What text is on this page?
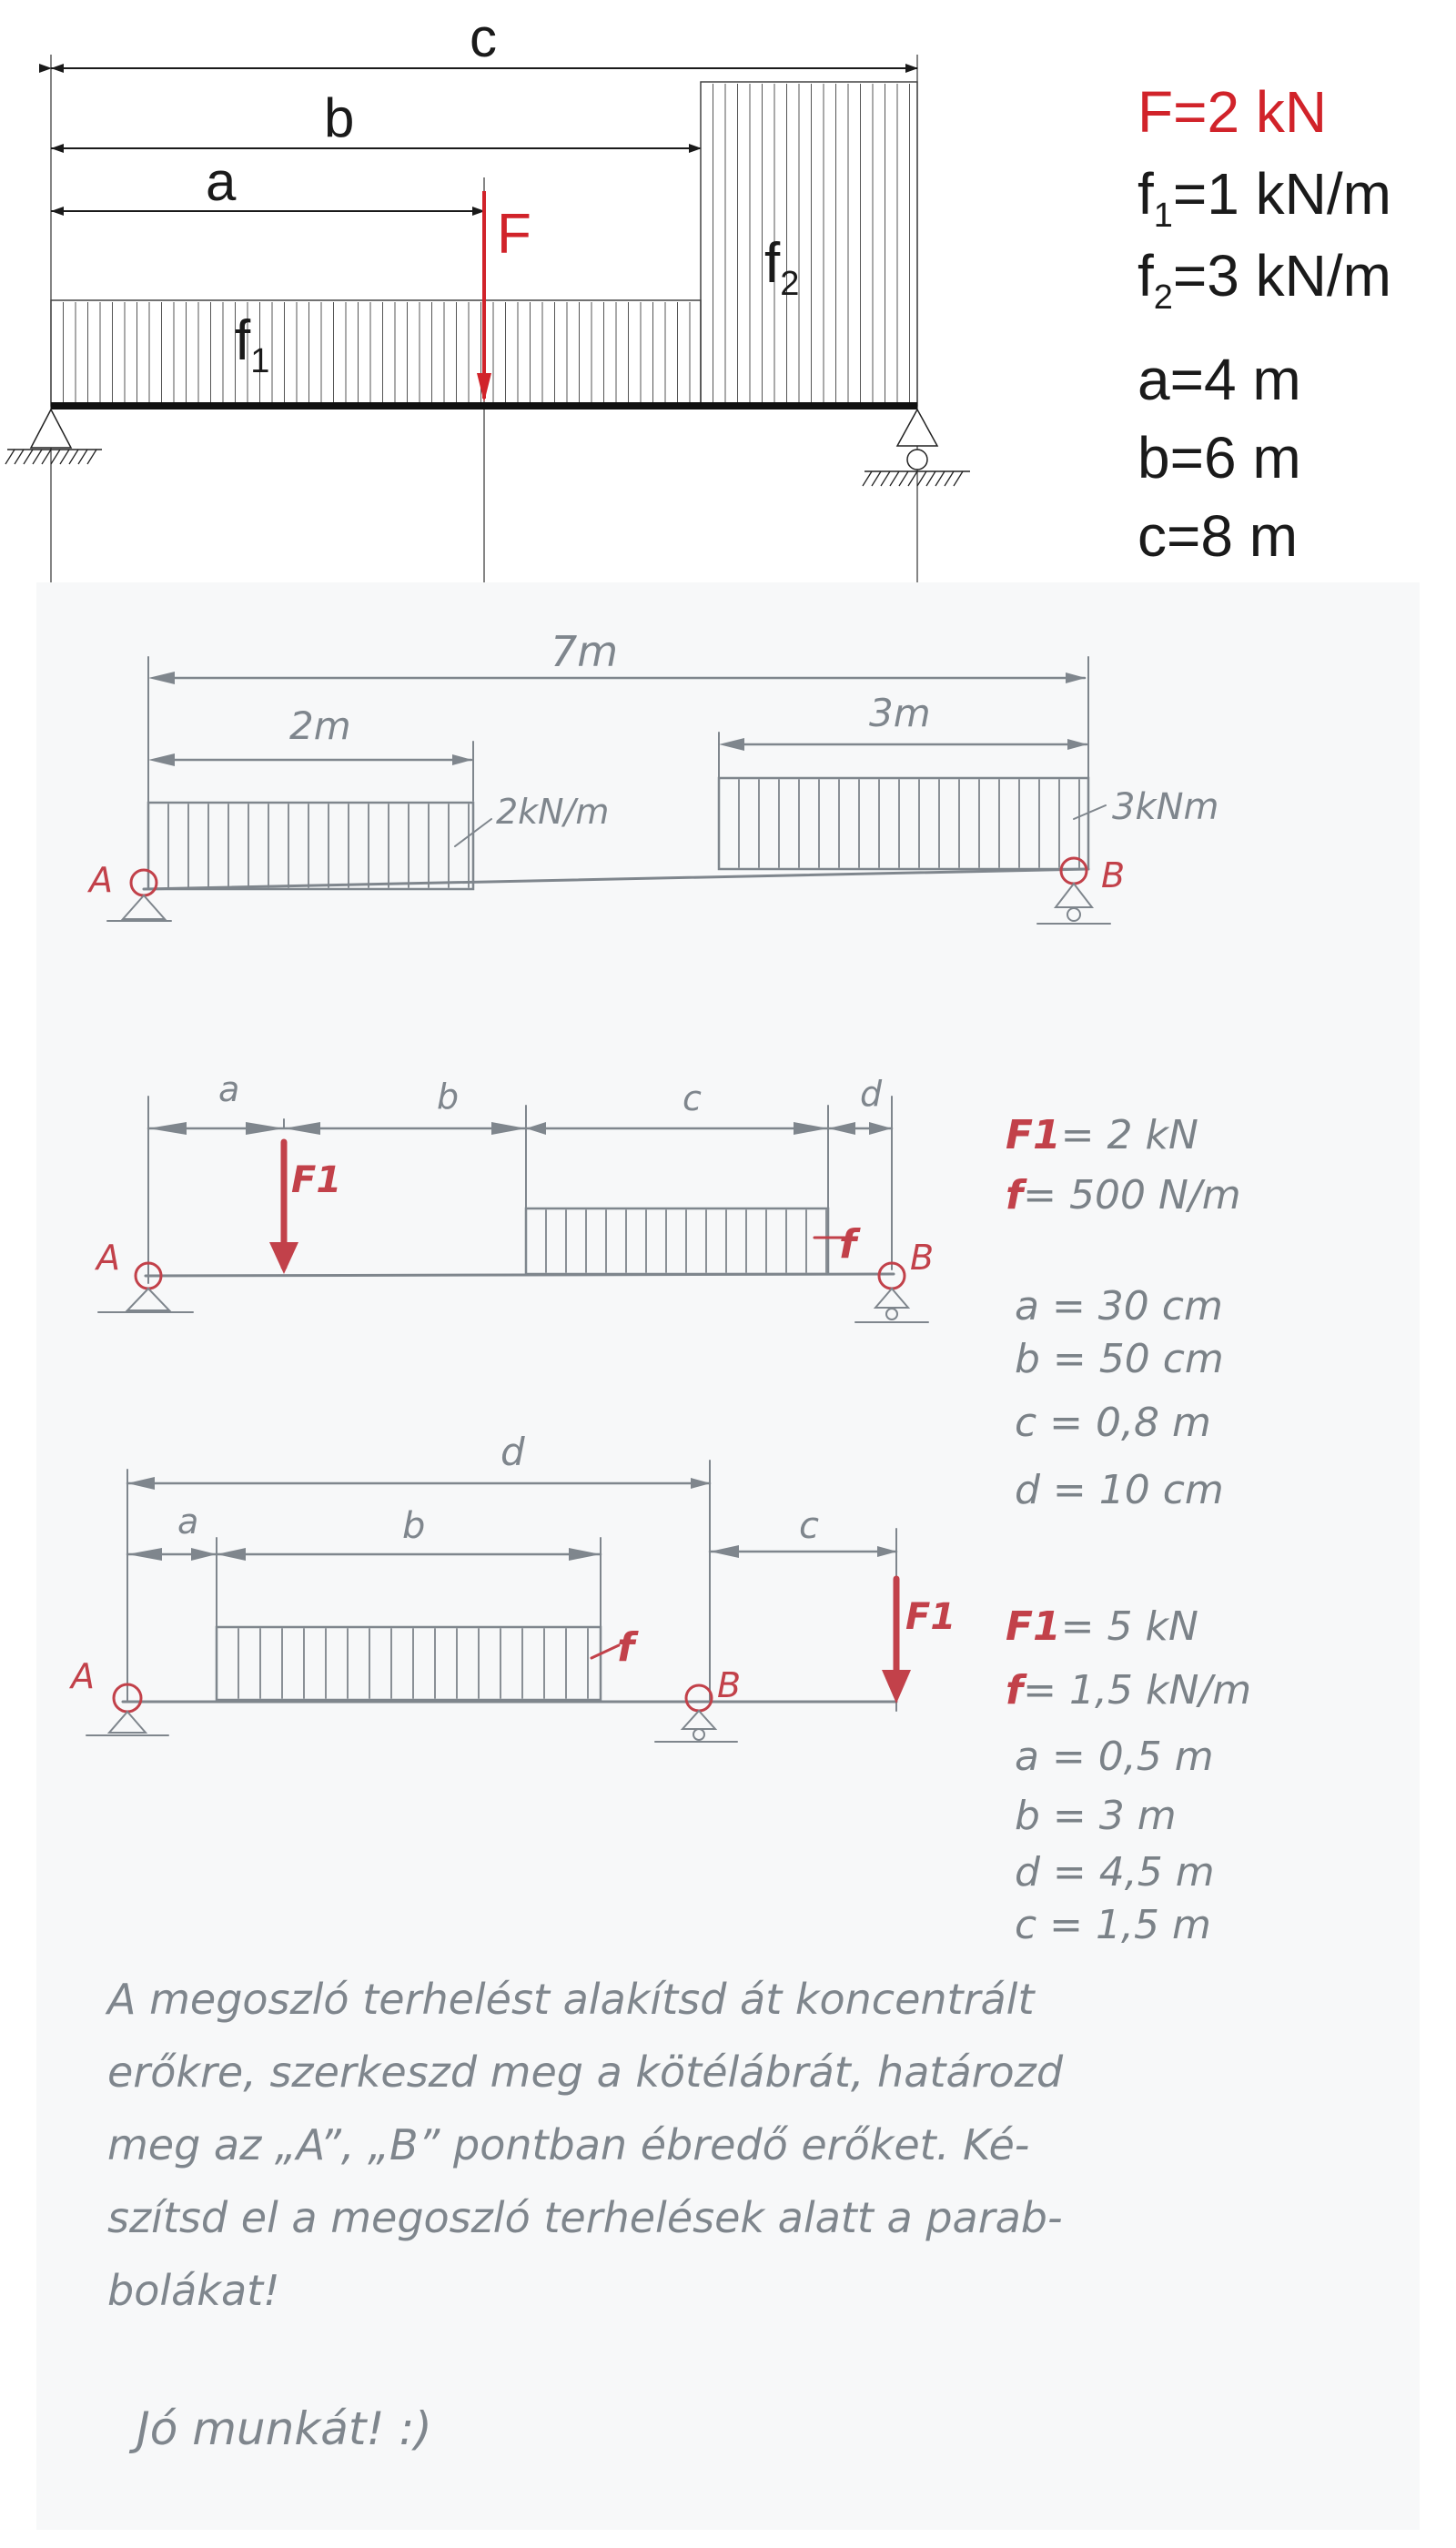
c
b
a
F
$f_1$
$f_2$
7m
2m	3m
2kN/m	3kNm
A	B
a	b	c	d
F1
f
A	B
d
a	b	c
f
F1
A	B
F=2 kN
$f_1=1$ kN/m
$f_2=3$ kN/m
a=4 m
b=6 m
c=8 m
F1= 2 kN
f= 500 N/m
a = 30 cm
b = 50 cm
c = 0,8 m
d = 10 cm
F1= 5 kN
f= 1,5 kN/m
a = 0,5 m
b = 3 m
d = 4,5 m
c = 1,5 m
A megoszló terhelést alakítsd át koncentrált
erőkre, szerkeszd meg a kötélábrát, határozd
meg az „A”, „B” pontban ébredő erőket. Ké-
szítsd el a megoszló terhelések alatt a parab-
bolákat!
Jó munkát! :)
